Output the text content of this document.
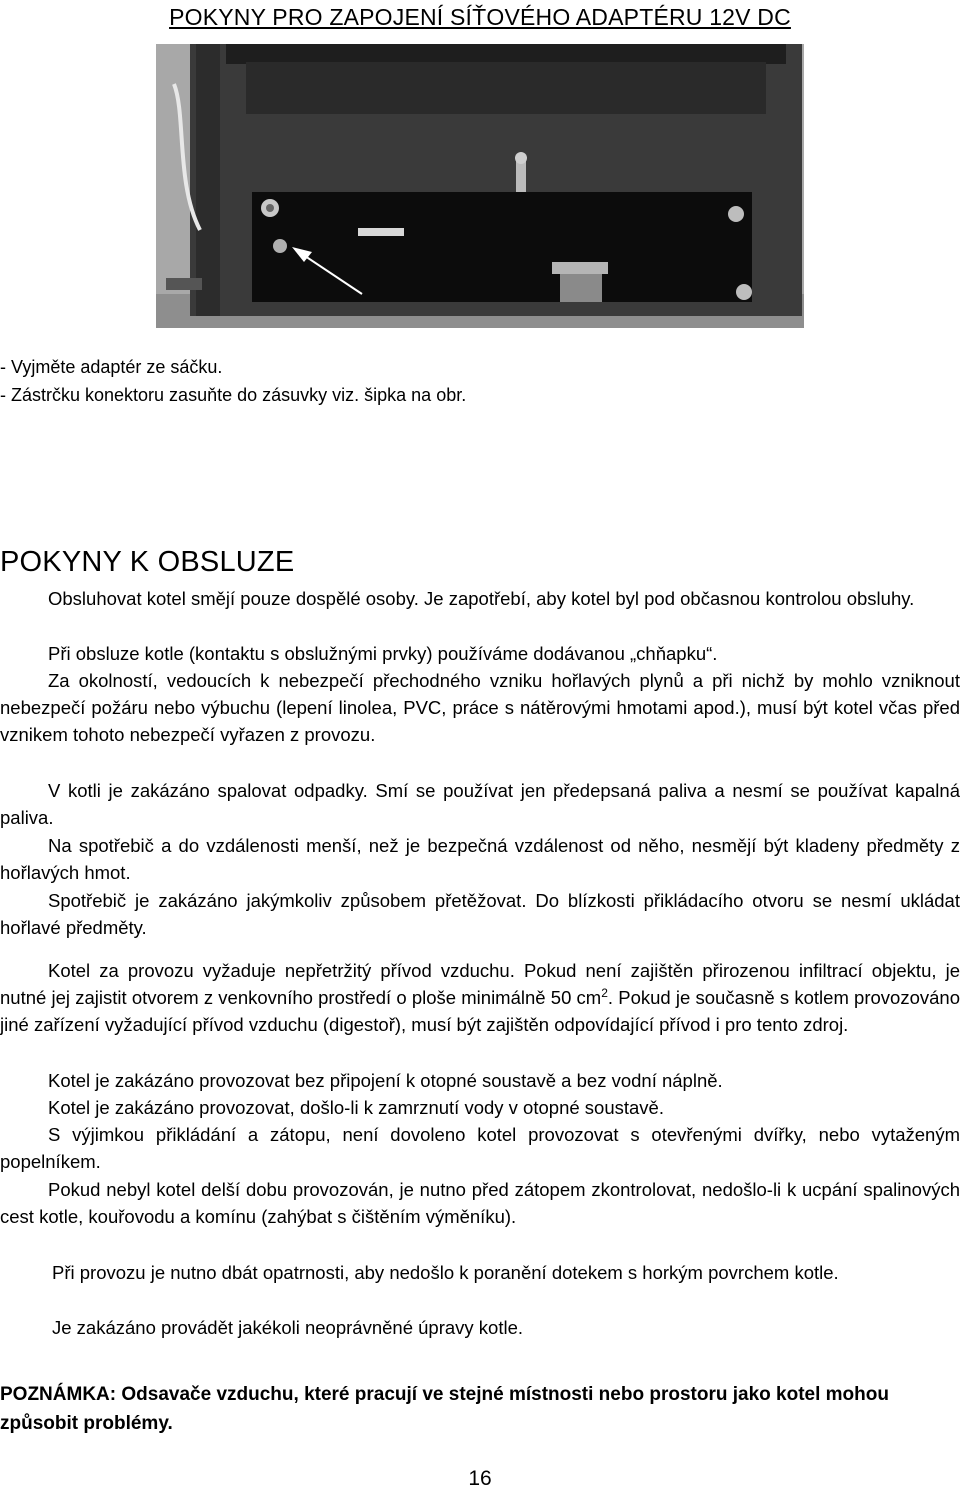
POKYNY PRO ZAPOJENÍ SÍŤOVÉHO ADAPTÉRU 12V DC
- Vyjměte adaptér ze sáčku.
- Zástrčku konektoru zasuňte do zásuvky viz. šipka na obr.
POKYNY K OBSLUZE
Obsluhovat kotel smějí pouze dospělé osoby. Je zapotřebí, aby kotel byl pod občasnou kontrolou obsluhy.
Při obsluze kotle (kontaktu s obslužnými prvky) používáme dodávanou „chňapku“.
Za okolností, vedoucích k nebezpečí přechodného vzniku hořlavých plynů a při nichž by mohlo vzniknout nebezpečí požáru nebo výbuchu (lepení linolea, PVC, práce s nátěrovými hmotami apod.), musí být kotel včas před vznikem tohoto nebezpečí vyřazen z provozu.
V kotli je zakázáno spalovat odpadky. Smí se používat jen předepsaná paliva a nesmí se používat kapalná paliva.
Na spotřebič a do vzdálenosti menší, než je bezpečná vzdálenost od něho, nesmějí být kladeny předměty z hořlavých hmot.
Spotřebič je zakázáno jakýmkoliv způsobem přetěžovat. Do blízkosti přikládacího otvoru se nesmí ukládat hořlavé předměty.
Kotel za provozu vyžaduje nepřetržitý přívod vzduchu. Pokud není zajištěn přirozenou infiltrací objektu, je nutné jej zajistit otvorem z venkovního prostředí o ploše minimálně 50 $cm^2$. Pokud je současně s kotlem provozováno jiné zařízení vyžadující přívod vzduchu (digestoř), musí být zajištěn odpovídající přívod i pro tento zdroj.
Kotel je zakázáno provozovat bez připojení k otopné soustavě a bez vodní náplně.
Kotel je zakázáno provozovat, došlo-li k zamrznutí vody v otopné soustavě.
S výjimkou přikládání a zátopu, není dovoleno kotel provozovat s otevřenými dvířky, nebo vytaženým popelníkem.
Pokud nebyl kotel delší dobu provozován, je nutno před zátopem zkontrolovat, nedošlo-li k ucpání spalinových cest kotle, kouřovodu a komínu (zahýbat s čištěním výměníku).
Při provozu je nutno dbát opatrnosti, aby nedošlo k poranění dotekem s horkým povrchem kotle.
Je zakázáno provádět jakékoli neoprávněné úpravy kotle.
POZNÁMKA: Odsavače vzduchu, které pracují ve stejné místnosti nebo prostoru jako kotel mohou způsobit problémy.
16
